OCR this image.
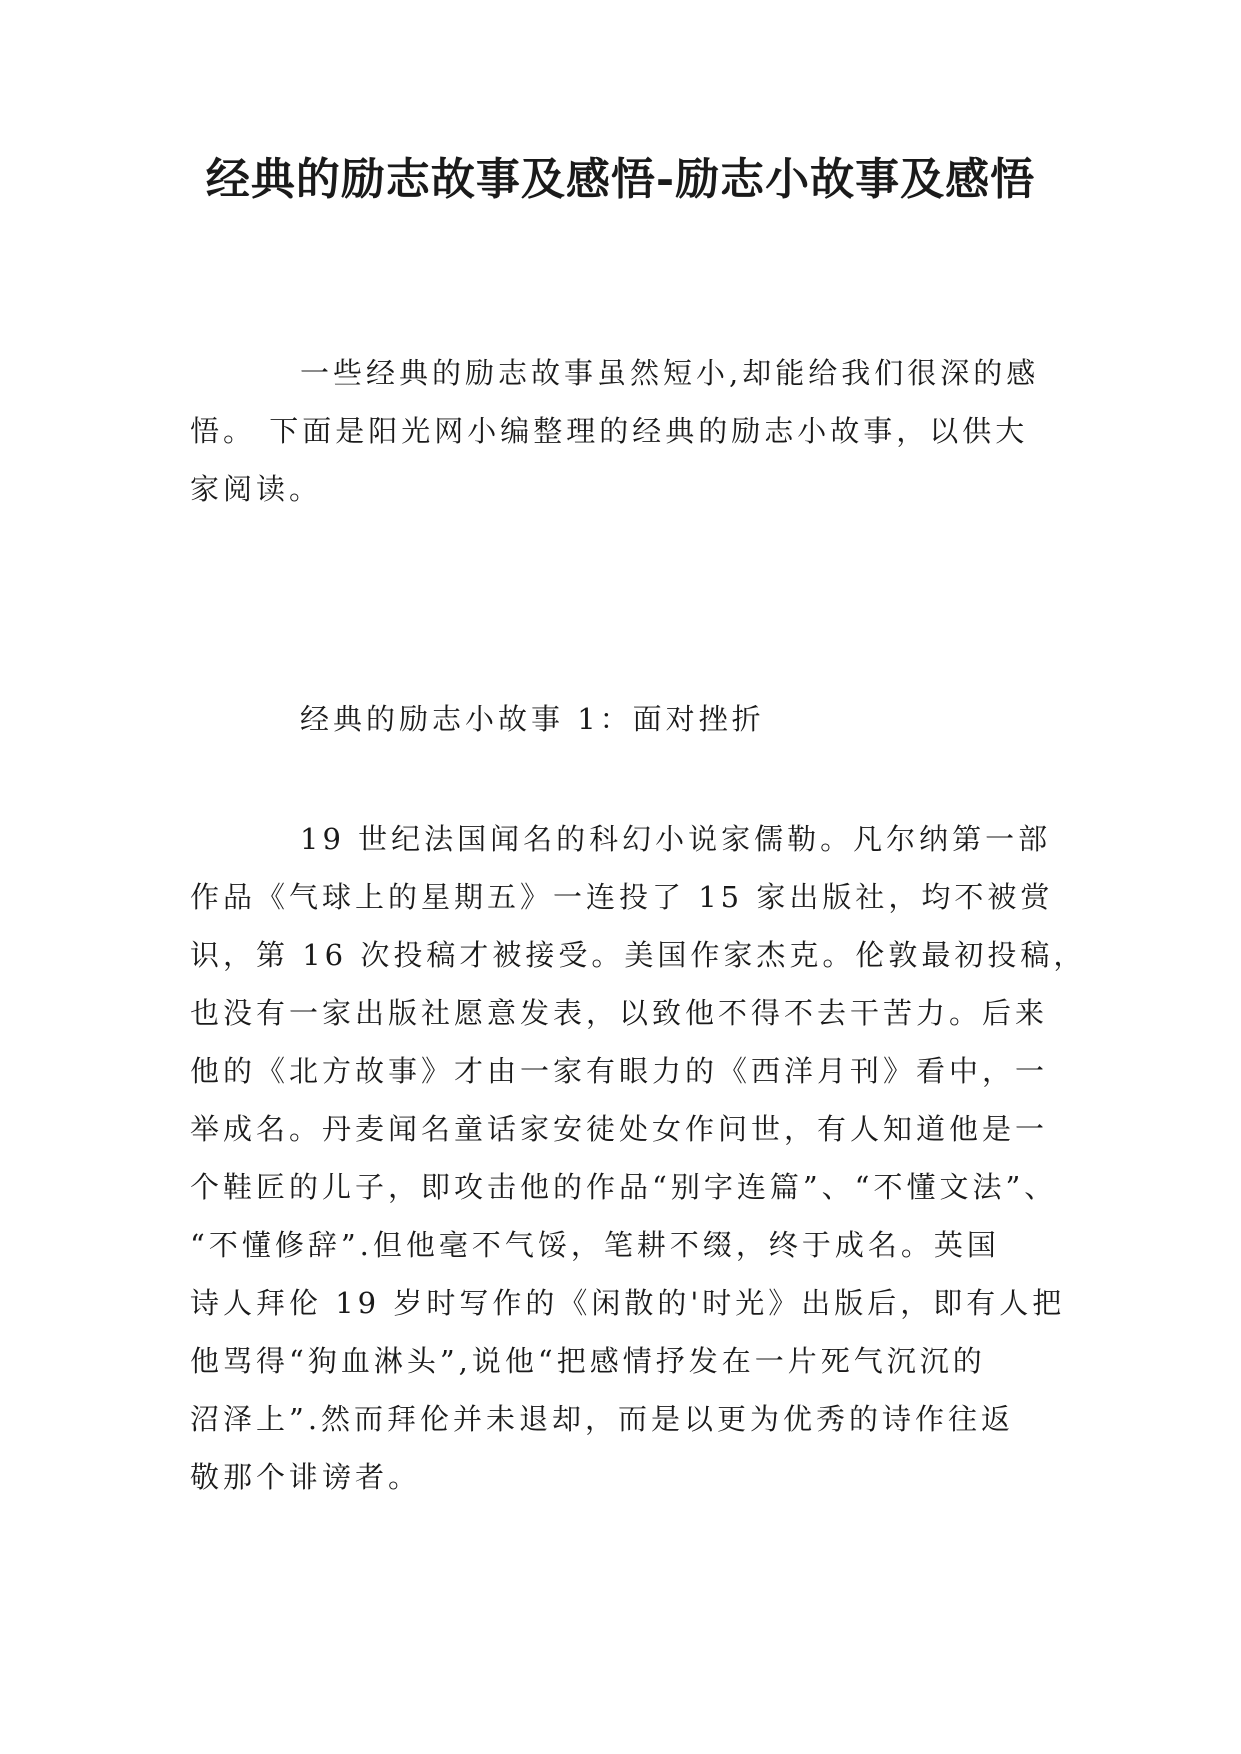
经典的励志故事及感悟-励志小故事及感悟

一些经典的励志故事虽然短小,却能给我们很深的感
悟。 下面是阳光网小编整理的经典的励志小故事，以供大
家阅读。

经典的励志小故事 1：面对挫折

19 世纪法国闻名的科幻小说家儒勒。凡尔纳第一部
作品《气球上的星期五》一连投了 15 家出版社，均不被赏
识，第 16 次投稿才被接受。美国作家杰克。伦敦最初投稿，
也没有一家出版社愿意发表，以致他不得不去干苦力。后来
他的《北方故事》才由一家有眼力的《西洋月刊》看中，一
举成名。丹麦闻名童话家安徒处女作问世，有人知道他是一
个鞋匠的儿子，即攻击他的作品“别字连篇”、“不懂文法”、
“不懂修辞”.但他毫不气馁，笔耕不缀，终于成名。英国
诗人拜伦 19 岁时写作的《闲散的'时光》出版后，即有人把
他骂得“狗血淋头”,说他“把感情抒发在一片死气沉沉的
沼泽上”.然而拜伦并未退却，而是以更为优秀的诗作往返
敬那个诽谤者。
